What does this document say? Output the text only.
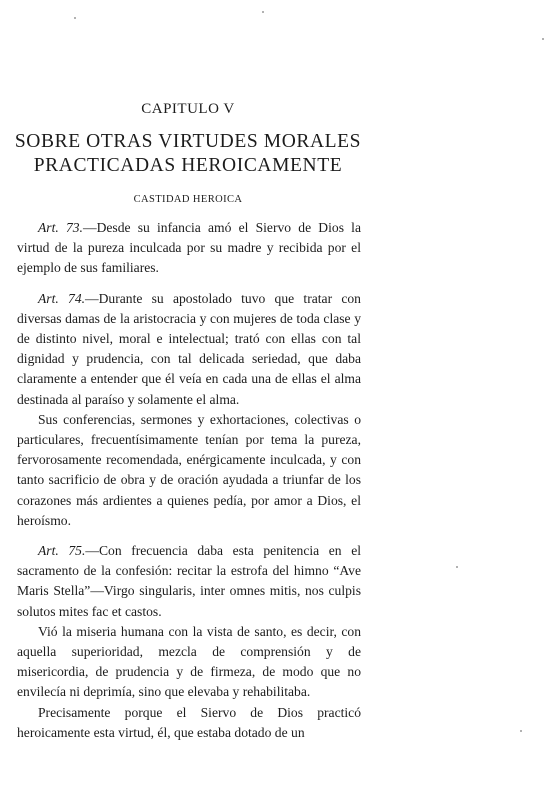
CAPITULO V
SOBRE OTRAS VIRTUDES MORALES
PRACTICADAS HEROICAMENTE
CASTIDAD HEROICA

Art. 73.—Desde su infancia amó el Siervo de Dios la virtud de la pureza inculcada por su madre y recibida por el ejemplo de sus familiares.

Art. 74.—Durante su apostolado tuvo que tratar con diversas damas de la aristocracia y con mujeres de toda clase y de distinto nivel, moral e intelectual; trató con ellas con tal dignidad y prudencia, con tal delicada seriedad, que daba claramente a entender que él veía en cada una de ellas el alma destinada al paraíso y solamente el alma.

Sus conferencias, sermones y exhortaciones, colectivas o particulares, frecuentísimamente tenían por tema la pureza, fervorosamente recomendada, enérgicamente inculcada, y con tanto sacrificio de obra y de oración ayudada a triunfar de los corazones más ardientes a quienes pedía, por amor a Dios, el heroísmo.

Art. 75.—Con frecuencia daba esta penitencia en el sacramento de la confesión: recitar la estrofa del himno “Ave Maris Stella”—Virgo singularis, inter omnes mitis, nos culpis solutos mites fac et castos.

Vió la miseria humana con la vista de santo, es decir, con aquella superioridad, mezcla de comprensión y de misericordia, de prudencia y de firmeza, de modo que no envilecía ni deprimía, sino que elevaba y rehabilitaba.

Precisamente porque el Siervo de Dios practicó heroicamente esta virtud, él, que estaba dotado de un
